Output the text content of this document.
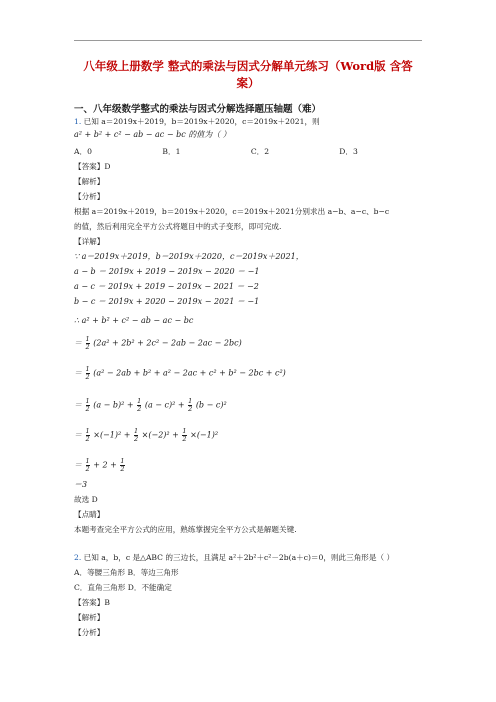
八年级上册数学 整式的乘法与因式分解单元练习（Word版 含答
案）
一、八年级数学整式的乘法与因式分解选择题压轴题（难）
1. 已知 a＝2019x＋2019，b＝2019x＋2020，c＝2019x＋2021，则
a² + b² + c² − ab − ac − bc 的值为（ ）
A．0	B．1	C．2	D．3
【答案】D
【解析】
【分析】
根据 a＝2019x＋2019，b＝2019x＋2020，c＝2019x＋2021分别求出 a−b、a−c、b−c
的值，然后利用完全平方公式将题目中的式子变形，即可完成.
【详解】
∵ a＝2019x＋2019，b＝2019x＋2020，c＝2019x＋2021，
a − b ＝ 2019x + 2019 − 2019x − 2020 ＝ −1
a − c ＝ 2019x + 2019 − 2019x − 2021 ＝ −2
b − c ＝ 2019x + 2020 − 2019x − 2021 ＝ −1
∴ a² + b² + c² − ab − ac − bc
＝ $\frac{1}{2} (2a^2 + 2b^2 + 2c^2 - 2ab - 2ac - 2bc)$
＝ $\frac{1}{2} (a^2 - 2ab + b^2 + a^2 - 2ac + c^2 + b^2 - 2bc + c^2)$
＝ $\frac{1}{2} (a - b)^2 + \frac{1}{2} (a - c)^2 + \frac{1}{2} (b - c)^2$
＝ $\frac{1}{2} \times(-1)^2 + \frac{1}{2} \times(-2)^2 + \frac{1}{2} \times(-1)^2$
＝ $\frac{1}{2} + 2 + \frac{1}{2}$
＝3
故选 D
【点睛】
本题考查完全平方公式的应用，熟练掌握完全平方公式是解题关键.
2. 已知 a，b，c 是△ABC 的三边长，且满足 a²＋2b²＋c²－2b(a＋c)＝0，则此三角形是（ ）
A．等腰三角形 B．等边三角形
C．直角三角形 D．不能确定
【答案】B
【解析】
【分析】
